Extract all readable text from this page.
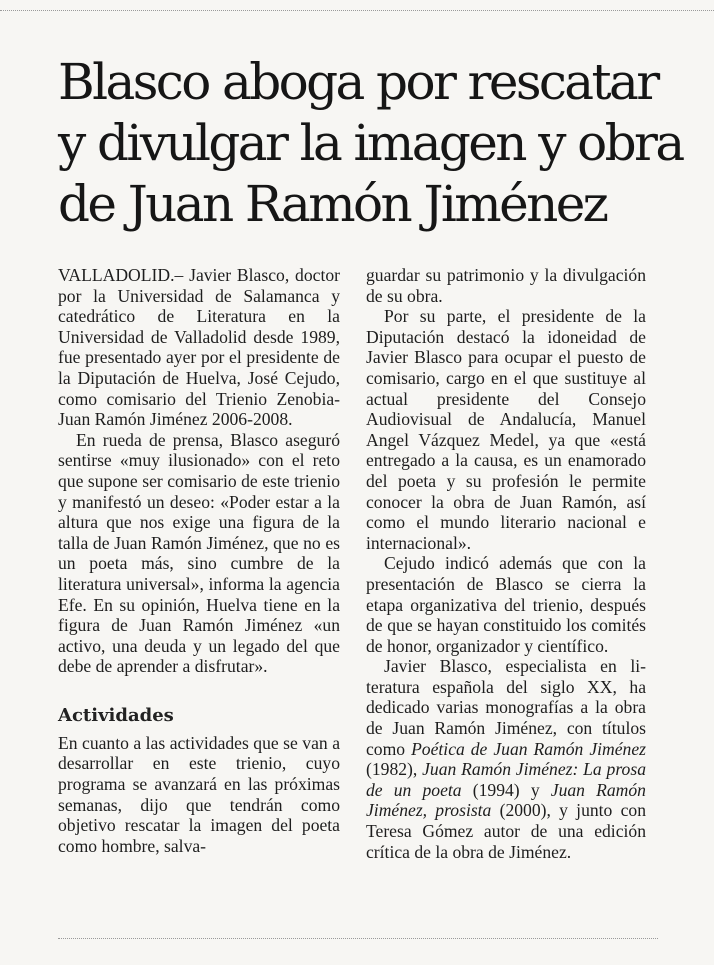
Blasco aboga por rescatar
y divulgar la imagen y obra
de Juan Ramón Jiménez

VALLADOLID.– Javier Blasco, doctor por la Universidad de Salamanca y catedrático de Literatura en la Universidad de Valladolid desde 1989, fue presentado ayer por el presidente de la Diputación de Huelva, José Cejudo, como comisario del Trienio Zenobia-Juan Ramón Jiménez 2006-2008.

En rueda de prensa, Blasco aseguró sentirse «muy ilusionado» con el reto que supone ser comisario de este trienio y manifestó un deseo: «Poder estar a la altura que nos exige una figura de la talla de Juan Ramón Jiménez, que no es un poeta más, sino cumbre de la literatura universal», informa la agencia Efe. En su opinión, Huelva tiene en la figura de Juan Ramón Jiménez «un activo, una deuda y un legado del que debe de aprender a disfrutar».

Actividades

En cuanto a las actividades que se van a desarrollar en este trienio, cuyo programa se avanzará en las próximas semanas, dijo que tendrán como objetivo rescatar la imagen del poeta como hombre, salva-

guardar su patrimonio y la divulgación de su obra.

Por su parte, el presidente de la Diputación destacó la idoneidad de Javier Blasco para ocupar el puesto de comisario, cargo en el que sustituye al actual presidente del Consejo Audiovisual de Andalucía, Manuel Angel Vázquez Medel, ya que «está entregado a la causa, es un enamorado del poeta y su profesión le permite conocer la obra de Juan Ramón, así como el mundo literario nacional e internacional».

Cejudo indicó además que con la presentación de Blasco se cierra la etapa organizativa del trienio, después de que se hayan constituido los comités de honor, organizador y científico.

Javier Blasco, especialista en literatura española del siglo XX, ha dedicado varias monografías a la obra de Juan Ramón Jiménez, con títulos como Poética de Juan Ramón Jiménez (1982), Juan Ramón Jiménez: La prosa de un poeta (1994) y Juan Ramón Jiménez, prosista (2000), y junto con Teresa Gómez autor de una edición crítica de la obra de Jiménez.
